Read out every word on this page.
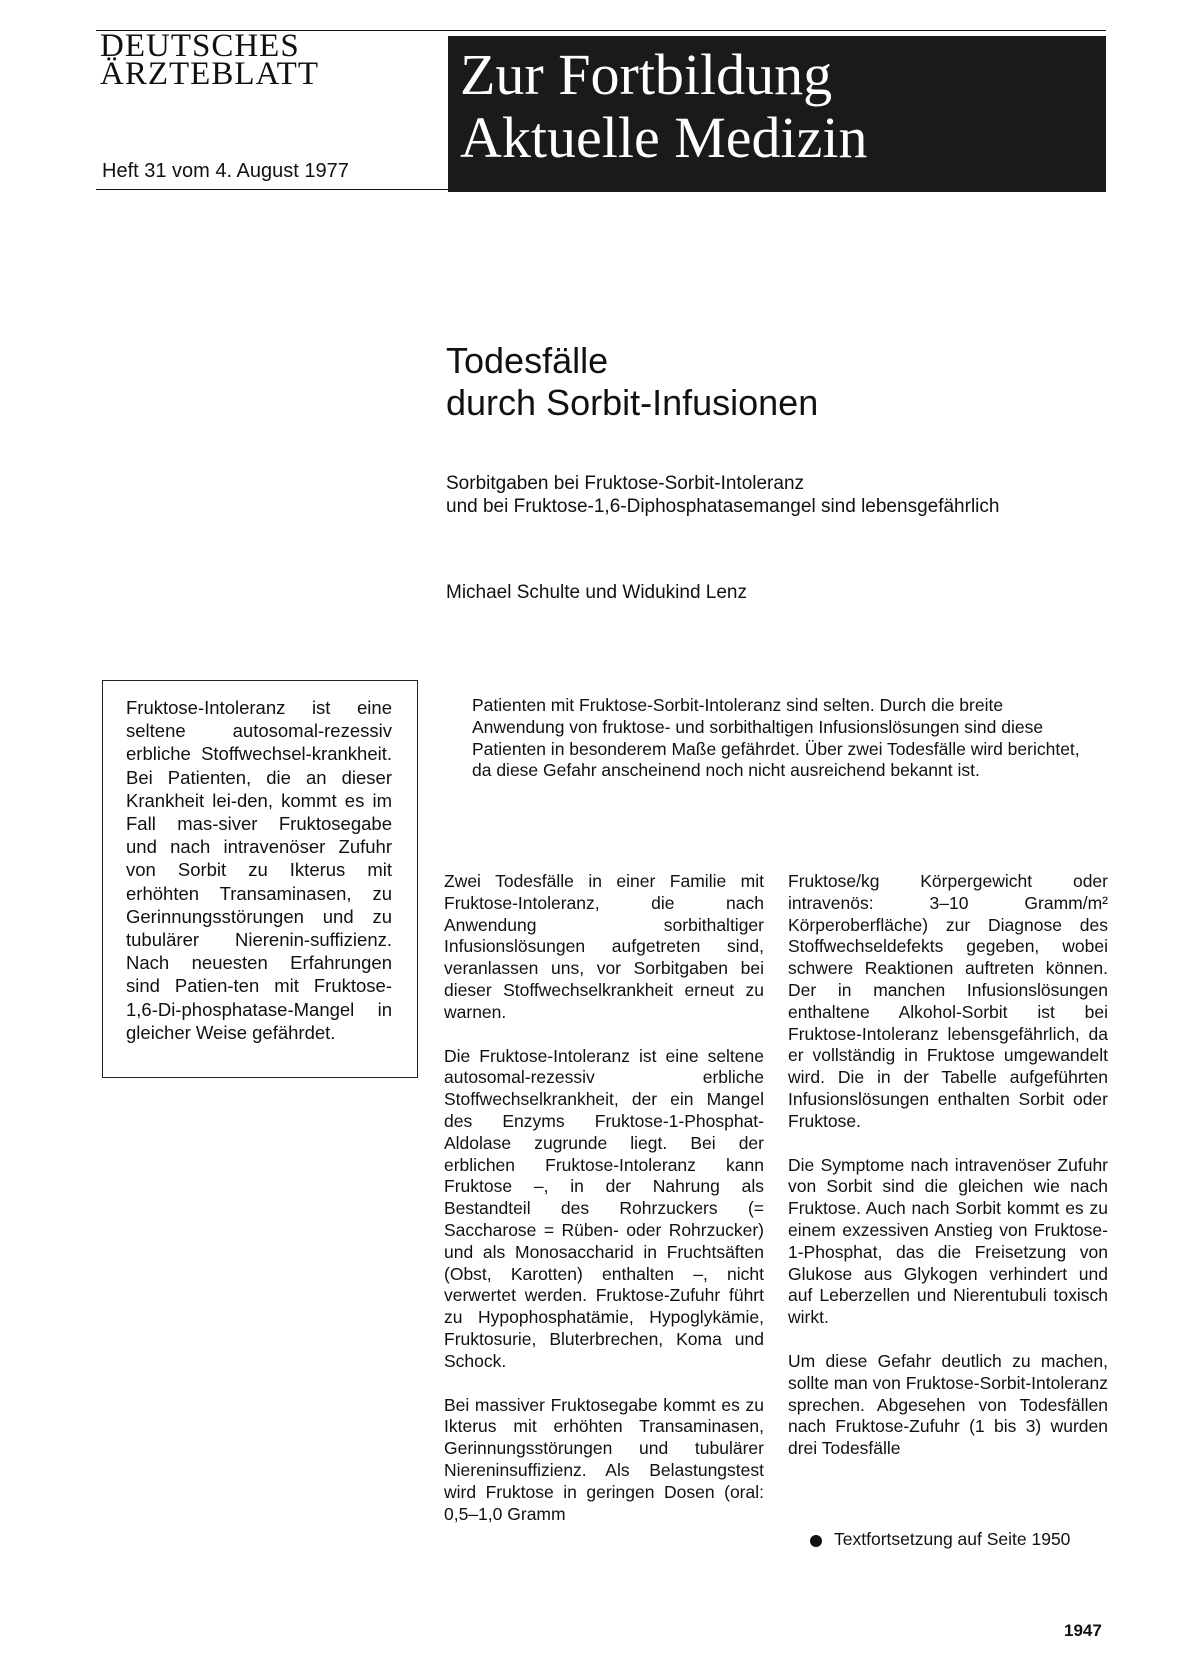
DEUTSCHES
ÄRZTEBLATT
Heft 31 vom 4. August 1977
Zur Fortbildung
Aktuelle Medizin
Todesfälle
durch Sorbit-Infusionen
Sorbitgaben bei Fruktose-Sorbit-Intoleranz
und bei Fruktose-1,6-Diphosphatasemangel sind lebensgefährlich
Michael Schulte und Widukind Lenz
Fruktose-Intoleranz ist eine seltene autosomal-rezessiv erbliche Stoffwechsel-krankheit. Bei Patienten, die an dieser Krankheit lei-den, kommt es im Fall mas-siver Fruktosegabe und nach intravenöser Zufuhr von Sorbit zu Ikterus mit erhöhten Transaminasen, zu Gerinnungsstörungen und zu tubulärer Nierenin-suffizienz. Nach neuesten Erfahrungen sind Patien-ten mit Fruktose-1,6-Di-phosphatase-Mangel in gleicher Weise gefährdet.
Patienten mit Fruktose-Sorbit-Intoleranz sind selten. Durch die breite Anwendung von fruktose- und sorbithaltigen Infusionslösungen sind diese Patienten in besonderem Maße gefährdet. Über zwei Todesfälle wird berichtet, da diese Gefahr anscheinend noch nicht ausreichend bekannt ist.

Zwei Todesfälle in einer Familie mit Fruktose-Intoleranz, die nach Anwendung sorbithaltiger Infusionslösungen aufgetreten sind, veranlassen uns, vor Sorbitgaben bei dieser Stoffwechselkrankheit erneut zu warnen.

Die Fruktose-Intoleranz ist eine seltene autosomal-rezessiv erbliche Stoffwechselkrankheit, der ein Mangel des Enzyms Fruktose-1-Phosphat-Aldolase zugrunde liegt. Bei der erblichen Fruktose-Intoleranz kann Fruktose –, in der Nahrung als Bestandteil des Rohrzuckers (= Saccharose = Rüben- oder Rohrzucker) und als Monosaccharid in Fruchtsäften (Obst, Karotten) enthalten –, nicht verwertet werden. Fruktose-Zufuhr führt zu Hypophosphatämie, Hypoglykämie, Fruktosurie, Bluterbrechen, Koma und Schock.

Bei massiver Fruktosegabe kommt es zu Ikterus mit erhöhten Transaminasen, Gerinnungsstörungen und tubulärer Niereninsuffizienz. Als Belastungstest wird Fruktose in geringen Dosen (oral: 0,5–1,0 Gramm

Fruktose/kg Körpergewicht oder intravenös: 3–10 Gramm/m² Körperoberfläche) zur Diagnose des Stoffwechseldefekts gegeben, wobei schwere Reaktionen auftreten können. Der in manchen Infusionslösungen enthaltene Alkohol-Sorbit ist bei Fruktose-Intoleranz lebensgefährlich, da er vollständig in Fruktose umgewandelt wird. Die in der Tabelle aufgeführten Infusionslösungen enthalten Sorbit oder Fruktose.

Die Symptome nach intravenöser Zufuhr von Sorbit sind die gleichen wie nach Fruktose. Auch nach Sorbit kommt es zu einem exzessiven Anstieg von Fruktose-1-Phosphat, das die Freisetzung von Glukose aus Glykogen verhindert und auf Leberzellen und Nierentubuli toxisch wirkt.

Um diese Gefahr deutlich zu machen, sollte man von Fruktose-Sorbit-Intoleranz sprechen. Abgesehen von Todesfällen nach Fruktose-Zufuhr (1 bis 3) wurden drei Todesfälle

Textfortsetzung auf Seite 1950
1947
